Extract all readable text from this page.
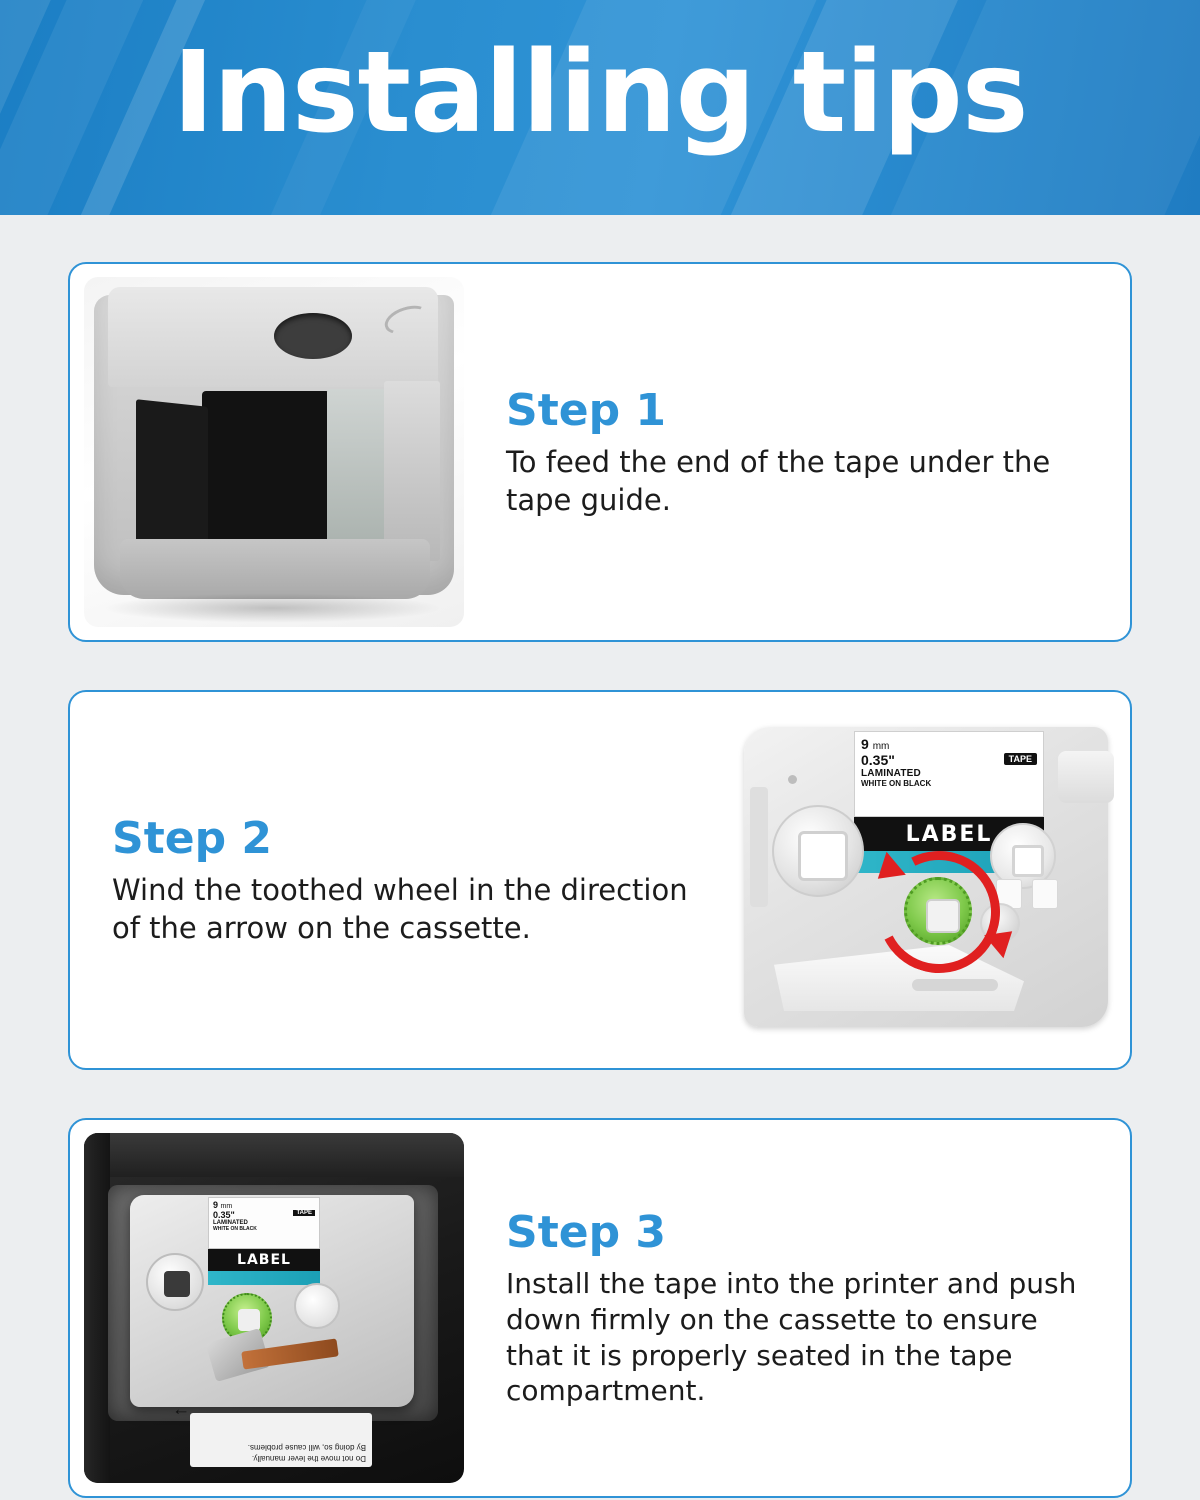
Installing tips
Step 1
To feed the end of the tape under the tape guide.
9 mm
0.35"	TAPE
LAMINATED
WHITE ON BLACK
LABEL
Step 2
Wind the toothed wheel in the direction of the arrow on the cassette.
9 mm
0.35"	TAPE
LAMINATED
WHITE ON BLACK
LABEL
→
Do not move the lever manually.
By doing so, will cause problems.
Step 3
Install the tape into the printer and push down firmly on the cassette to ensure that it is properly seated in the tape compartment.
